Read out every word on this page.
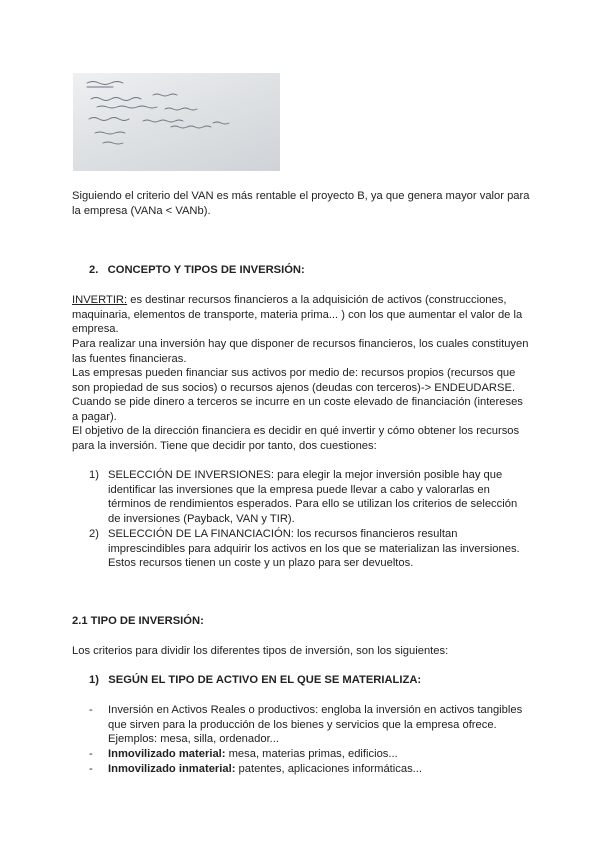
Siguiendo el criterio del VAN es más rentable el proyecto B, ya que genera mayor valor para la empresa (VANa < VANb).

2. CONCEPTO Y TIPOS DE INVERSIÓN:

INVERTIR: es destinar recursos financieros a la adquisición de activos (construcciones, maquinaria, elementos de transporte, materia prima... ) con los que aumentar el valor de la empresa.

Para realizar una inversión hay que disponer de recursos financieros, los cuales constituyen las fuentes financieras.

Las empresas pueden financiar sus activos por medio de: recursos propios (recursos que son propiedad de sus socios) o recursos ajenos (deudas con terceros)-> ENDEUDARSE.

Cuando se pide dinero a terceros se incurre en un coste elevado de financiación (intereses a pagar).

El objetivo de la dirección financiera es decidir en qué invertir y cómo obtener los recursos para la inversión. Tiene que decidir por tanto, dos cuestiones:

1) SELECCIÓN DE INVERSIONES: para elegir la mejor inversión posible hay que identificar las inversiones que la empresa puede llevar a cabo y valorarlas en términos de rendimientos esperados. Para ello se utilizan los criterios de selección de inversiones (Payback, VAN y TIR).
2) SELECCIÓN DE LA FINANCIACIÓN: los recursos financieros resultan imprescindibles para adquirir los activos en los que se materializan las inversiones. Estos recursos tienen un coste y un plazo para ser devueltos.

2.1 TIPO DE INVERSIÓN:

Los criterios para dividir los diferentes tipos de inversión, son los siguientes:

1) SEGÚN EL TIPO DE ACTIVO EN EL QUE SE MATERIALIZA:

- Inversión en Activos Reales o productivos: engloba la inversión en activos tangibles que sirven para la producción de los bienes y servicios que la empresa ofrece. Ejemplos: mesa, silla, ordenador...
- Inmovilizado material: mesa, materias primas, edificios...
- Inmovilizado inmaterial: patentes, aplicaciones informáticas...
